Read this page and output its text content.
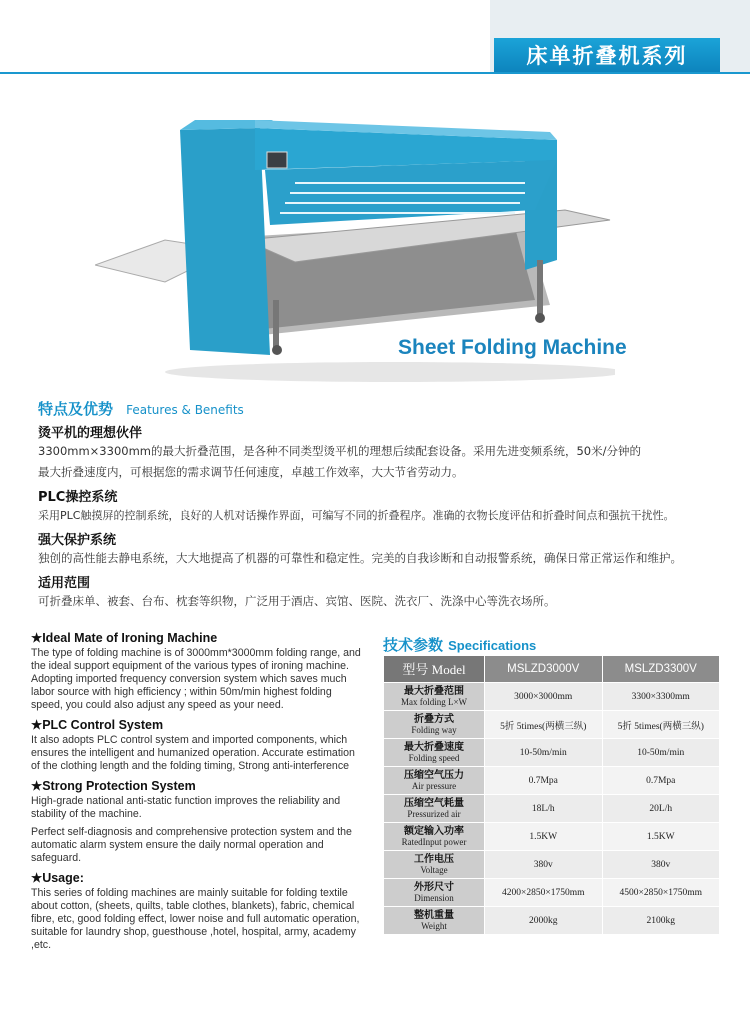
床单折叠机系列
Sheet Folding Machine
特点及优势 Features & Benefits
烫平机的理想伙伴
3300mm×3300mm的最大折叠范围，是各种不同类型烫平机的理想后续配套设备。采用先进变频系统，50米/分钟的
最大折叠速度内，可根据您的需求调节任何速度，卓越工作效率，大大节省劳动力。
PLC操控系统
采用PLC触摸屏的控制系统，良好的人机对话操作界面，可编写不同的折叠程序。准确的衣物长度评估和折叠时间点和强抗干扰性。
强大保护系统
独创的高性能去静电系统，大大地提高了机器的可靠性和稳定性。完美的自我诊断和自动报警系统，确保日常正常运作和维护。
适用范围
可折叠床单、被套、台布、枕套等织物，广泛用于酒店、宾馆、医院、洗衣厂、洗涤中心等洗衣场所。

★Ideal Mate of Ironing Machine

The type of folding machine is of 3000mm*3000mm folding range, and the ideal support equipment of the various types of ironing machine. Adopting imported frequency conversion system which saves much labor source with high efficiency ; within 50m/min highest folding speed, you could also adjust any speed as your need.

★PLC Control System

It also adopts PLC control system and imported components, which ensures the intelligent and humanized operation. Accurate estimation of the clothing length and the folding timing, Strong anti-interference

★Strong Protection System

High-grade national anti-static function improves the reliability and stability of the machine.

Perfect self-diagnosis and comprehensive protection system and the automatic alarm system ensure the daily normal operation and safeguard.

★Usage:

This series of folding machines are mainly suitable for folding textile about cotton, (sheets, quilts, table clothes, blankets), fabric, chemical fibre, etc, good folding effect, lower noise and full automatic operation, suitable for laundry shop, guesthouse ,hotel, hospital, army, academy ,etc.

技术参数 Specifications
型号 Model	MSLZD3000V	MSLZD3300V

最大折叠范围
Max folding L×W	3000×3000mm	3300×3300mm

折叠方式
Folding way	5折 5times(两横三纵)	5折 5times(两横三纵)

最大折叠速度
Folding speed	10-50m/min	10-50m/min

压缩空气压力
Air pressure	0.7Mpa	0.7Mpa

压缩空气耗量
Pressurized air	18L/h	20L/h

额定输入功率
RatedInput power	1.5KW	1.5KW

工作电压
Voltage	380v	380v

外形尺寸
Dimension	4200×2850×1750mm	4500×2850×1750mm

整机重量
Weight	2000kg	2100kg
